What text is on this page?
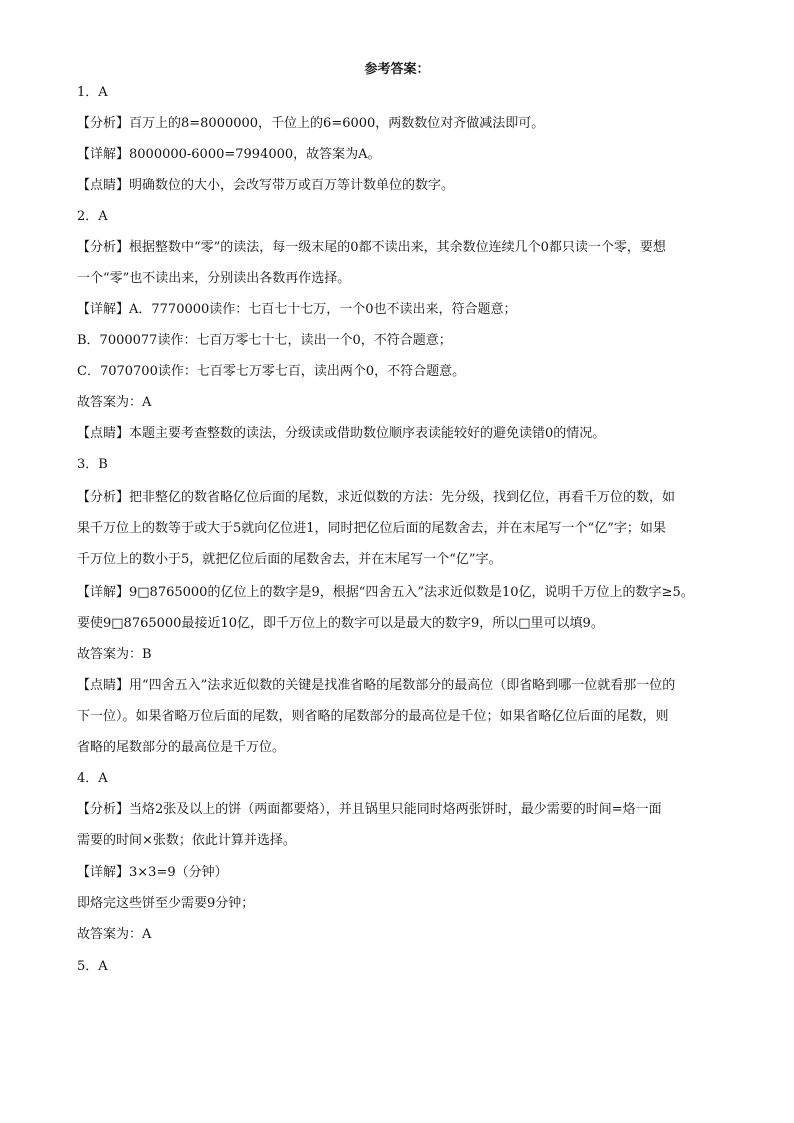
参考答案：
1．A
【分析】百万上的8=8000000，千位上的6=6000，两数数位对齐做减法即可。
【详解】8000000-6000=7994000，故答案为A。
【点睛】明确数位的大小，会改写带万或百万等计数单位的数字。
2．A
【分析】根据整数中“零”的读法，每一级末尾的0都不读出来，其余数位连续几个0都只读一个零，要想
一个“零”也不读出来，分别读出各数再作选择。
【详解】A．7770000读作：七百七十七万，一个0也不读出来，符合题意；
B．7000077读作：七百万零七十七，读出一个0，不符合题意；
C．7070700读作：七百零七万零七百，读出两个0，不符合题意。
故答案为：A
【点睛】本题主要考查整数的读法，分级读或借助数位顺序表读能较好的避免读错0的情况。
3．B
【分析】把非整亿的数省略亿位后面的尾数，求近似数的方法：先分级，找到亿位，再看千万位的数，如
果千万位上的数等于或大于5就向亿位进1，同时把亿位后面的尾数舍去，并在末尾写一个“亿”字；如果
千万位上的数小于5，就把亿位后面的尾数舍去，并在末尾写一个“亿”字。
【详解】9□8765000的亿位上的数字是9，根据“四舍五入”法求近似数是10亿，说明千万位上的数字≥5。
要使9□8765000最接近10亿，即千万位上的数字可以是最大的数字9，所以□里可以填9。
故答案为：B
【点睛】用“四舍五入”法求近似数的关键是找准省略的尾数部分的最高位（即省略到哪一位就看那一位的
下一位）。如果省略万位后面的尾数，则省略的尾数部分的最高位是千位；如果省略亿位后面的尾数，则
省略的尾数部分的最高位是千万位。
4．A
【分析】当烙2张及以上的饼（两面都要烙），并且锅里只能同时烙两张饼时，最少需要的时间=烙一面
需要的时间×张数；依此计算并选择。
【详解】3×3=9（分钟）
即烙完这些饼至少需要9分钟；
故答案为：A
5．A
